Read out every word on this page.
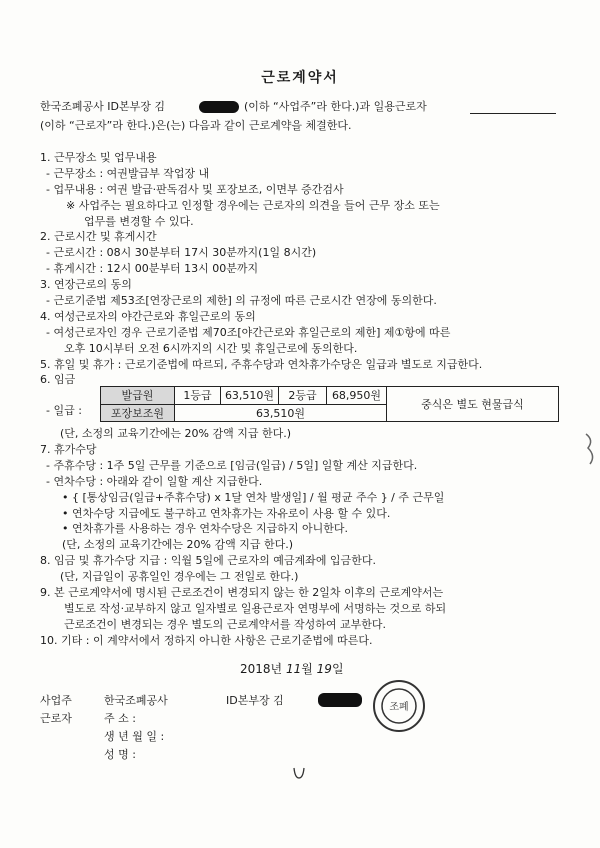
근로계약서
한국조폐공사 ID본부장 김	(이하 “사업주”라 한다.)과 일용근로자
(이하 “근로자”라 한다.)은(는) 다음과 같이 근로계약을 체결한다.
1. 근무장소 및 업무내용
- 근무장소 : 여권발급부 작업장 내
- 업무내용 : 여권 발급·판독검사 및 포장보조, 이면부 증간검사
※ 사업주는 필요하다고 인정할 경우에는 근로자의 의견을 들어 근무 장소 또는
업무를 변경할 수 있다.
2. 근로시간 및 휴게시간
- 근로시간 : 08시 30분부터 17시 30분까지(1일 8시간)
- 휴게시간 : 12시 00분부터 13시 00분까지
3. 연장근로의 동의
- 근로기준법 제53조[연장근로의 제한] 의 규정에 따른 근로시간 연장에 동의한다.
4. 여성근로자의 야간근로와 휴일근로의 동의
- 여성근로자인 경우 근로기준법 제70조[야간근로와 휴일근로의 제한] 제①항에 따른
오후 10시부터 오전 6시까지의 시간 및 휴일근로에 동의한다.
5. 휴일 및 휴가 : 근로기준법에 따르되, 주휴수당과 연차휴가수당은 일급과 별도로 지급한다.
6. 임금
- 일급 :
발급원	1등급	63,510원	2등급	68,950원	중식은 별도 현물급식
포장보조원	63,510원				
(단, 소정의 교육기간에는 20% 감액 지급 한다.)
7. 휴가수당
- 주휴수당 : 1주 5일 근무를 기준으로 [임금(일급) / 5일] 일할 계산 지급한다.
- 연차수당 : 아래와 같이 일할 계산 지급한다.
• { [통상임금(일급+주휴수당) x 1달 연차 발생일] / 월 평균 주수 } / 주 근무일
• 연차수당 지급에도 불구하고 연차휴가는 자유로이 사용 할 수 있다.
• 연차휴가를 사용하는 경우 연차수당은 지급하지 아니한다.
(단, 소정의 교육기간에는 20% 감액 지급 한다.)
8. 임금 및 휴가수당 지급 : 익월 5일에 근로자의 예금계좌에 입금한다.
(단, 지급일이 공휴일인 경우에는 그 전일로 한다.)
9. 본 근로계약서에 명시된 근로조건이 변경되지 않는 한 2일차 이후의 근로계약서는
별도로 작성·교부하지 않고 일자별로 일용근로자 연명부에 서명하는 것으로 하되
근로조건이 변경되는 경우 별도의 근로계약서를 작성하여 교부한다.
10. 기타 : 이 계약서에서 정하지 아니한 사항은 근로기준법에 따른다.
2018년 11월 19일
사업주	한국조폐공사	ID본부장 김
조폐
근로자	주 소 :
생 년 월 일 :
성 명 :
